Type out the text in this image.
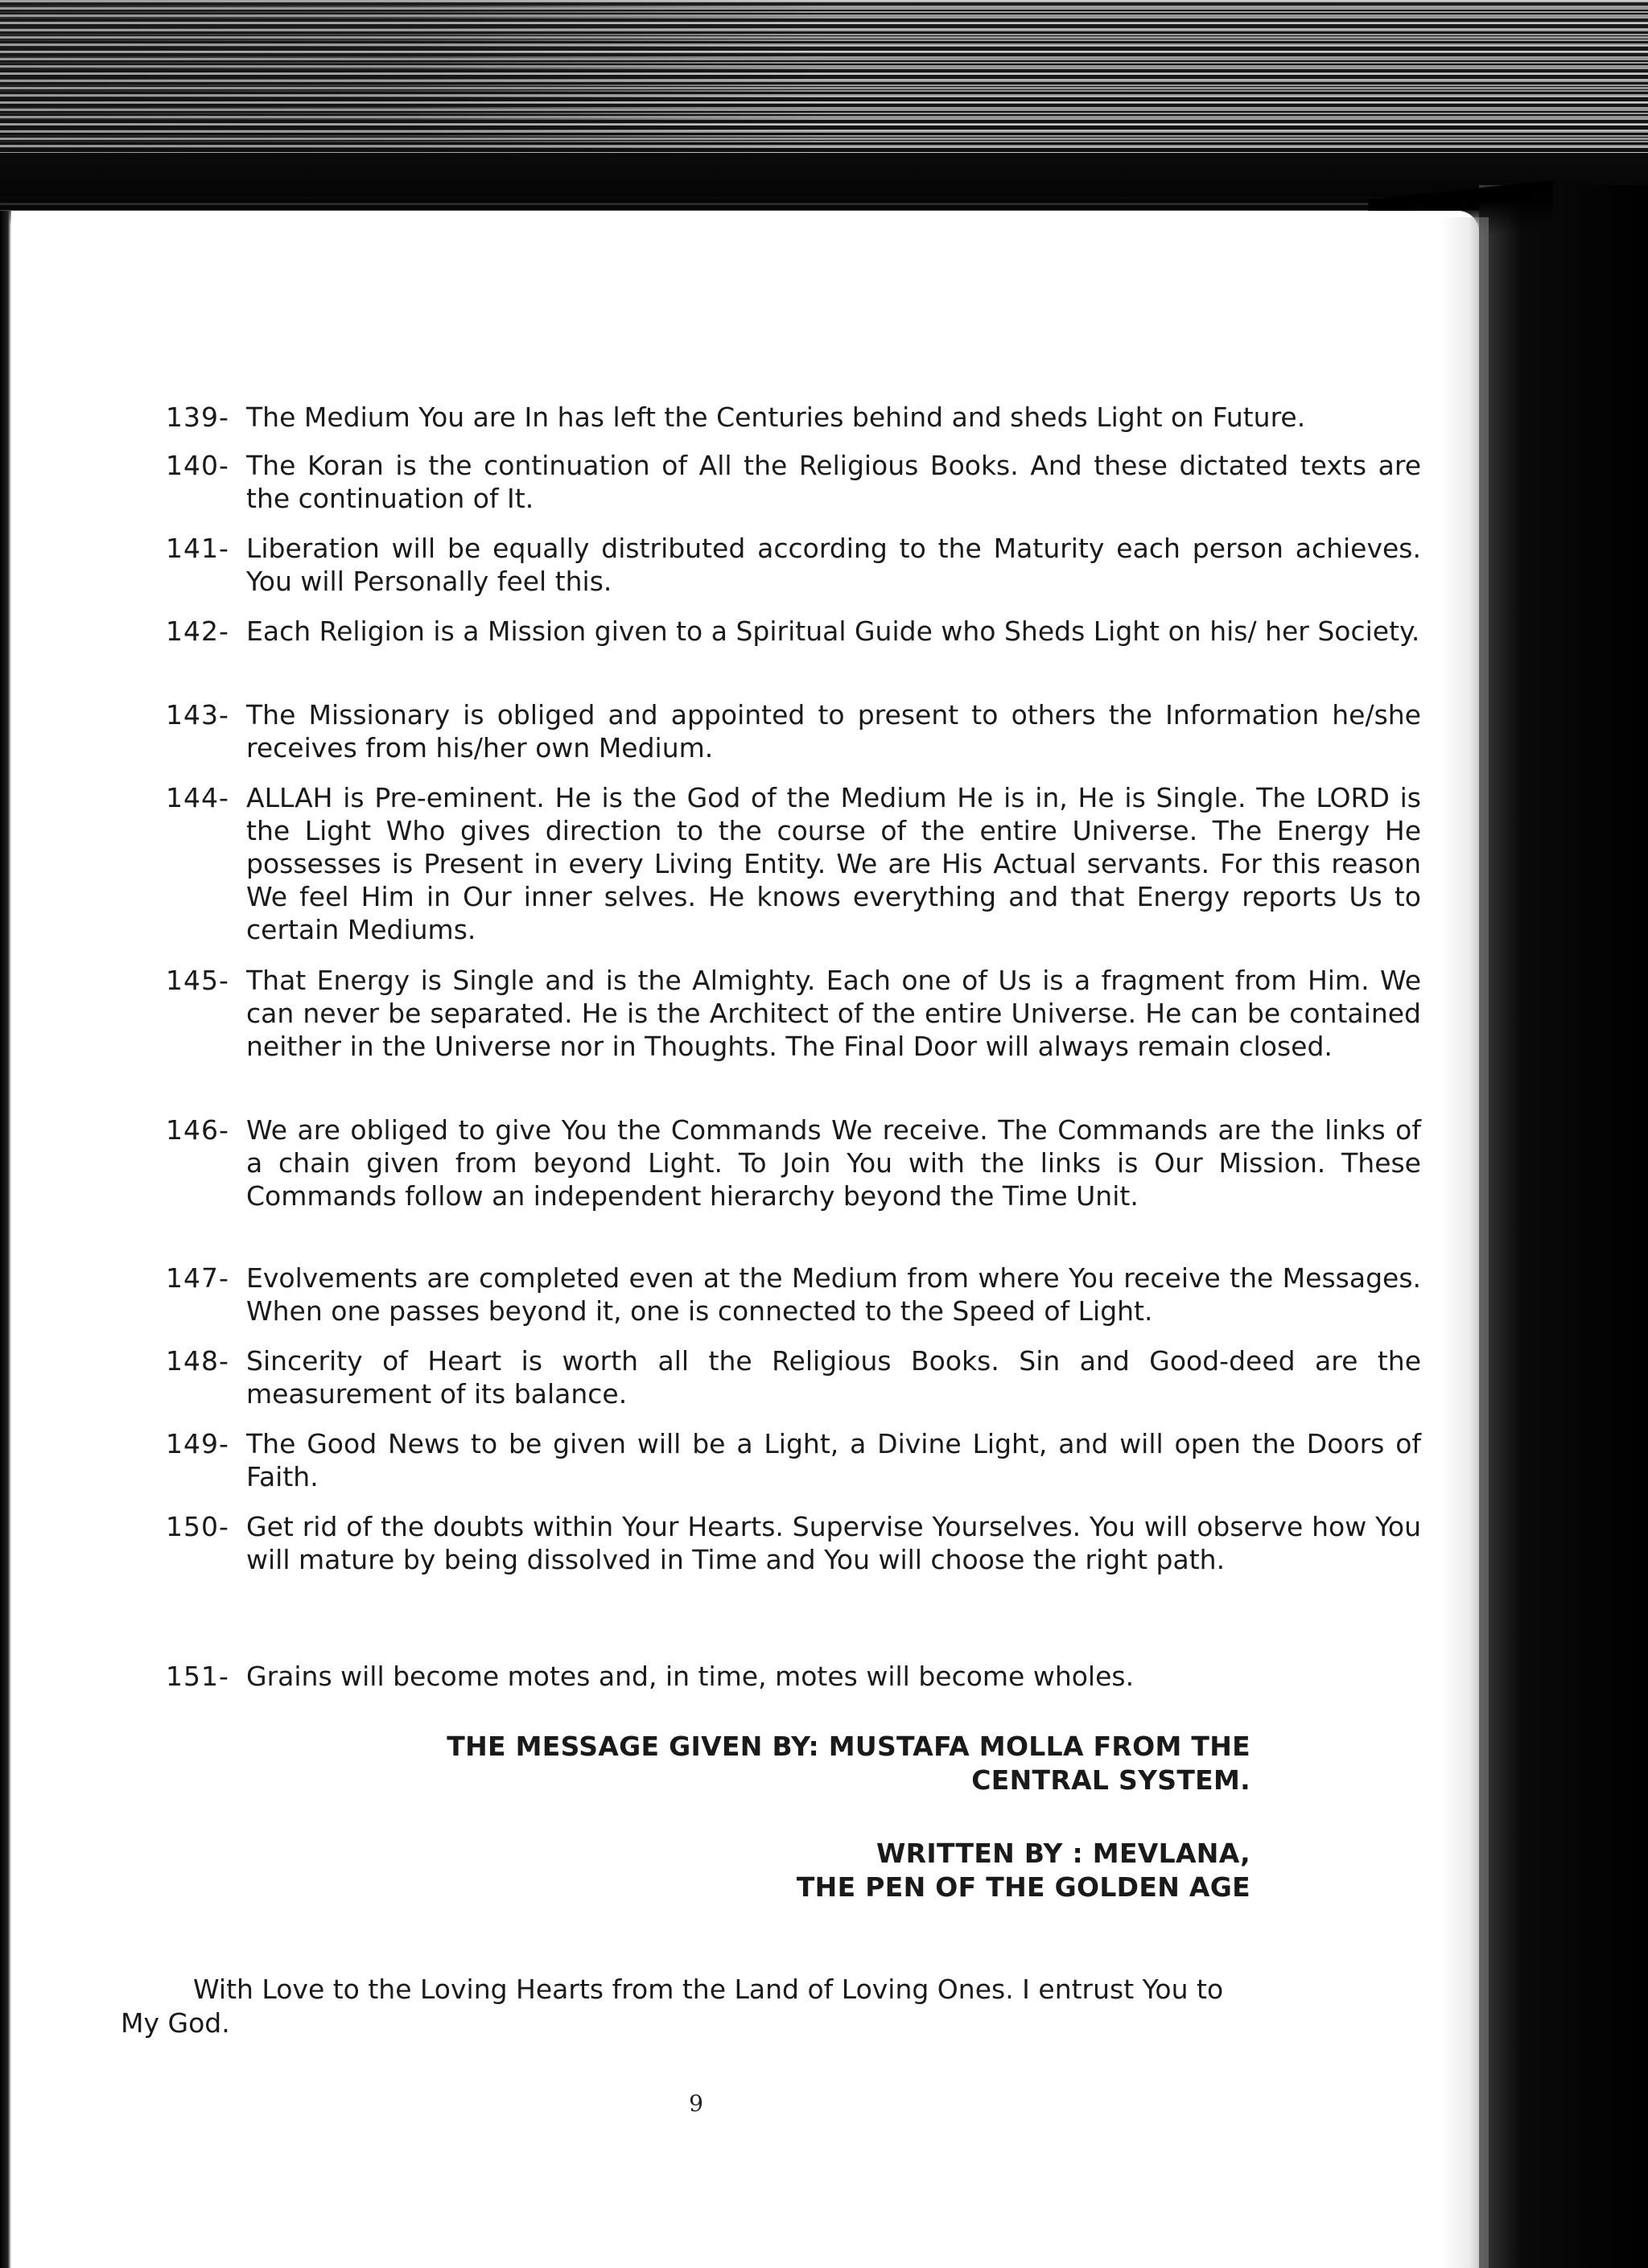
139- The Medium You are In has left the Centuries behind and sheds Light on Future.
140- The Koran is the continuation of All the Religious Books. And these dictated texts are the continuation of It.
141- Liberation will be equally distributed according to the Maturity each person achieves. You will Personally feel this.
142- Each Religion is a Mission given to a Spiritual Guide who Sheds Light on his/ her Society.
143- The Missionary is obliged and appointed to present to others the Information he/she receives from his/her own Medium.
144- ALLAH is Pre-eminent. He is the God of the Medium He is in, He is Single. The LORD is the Light Who gives direction to the course of the entire Universe. The Energy He possesses is Present in every Living Entity. We are His Actual servants. For this reason We feel Him in Our inner selves. He knows everything and that Energy reports Us to certain Mediums.
145- That Energy is Single and is the Almighty. Each one of Us is a fragment from Him. We can never be separated. He is the Architect of the entire Universe. He can be contained neither in the Universe nor in Thoughts. The Final Door will always remain closed.
146- We are obliged to give You the Commands We receive. The Commands are the links of a chain given from beyond Light. To Join You with the links is Our Mission. These Commands follow an independent hierarchy beyond the Time Unit.
147- Evolvements are completed even at the Medium from where You receive the Messages. When one passes beyond it, one is connected to the Speed of Light.
148- Sincerity of Heart is worth all the Religious Books. Sin and Good-deed are the measurement of its balance.
149- The Good News to be given will be a Light, a Divine Light, and will open the Doors of Faith.
150- Get rid of the doubts within Your Hearts. Supervise Yourselves. You will observe how You will mature by being dissolved in Time and You will choose the right path.
151- Grains will become motes and, in time, motes will become wholes.
THE MESSAGE GIVEN BY: MUSTAFA MOLLA FROM THE
CENTRAL SYSTEM.
WRITTEN BY : MEVLANA,
THE PEN OF THE GOLDEN AGE
With Love to the Loving Hearts from the Land of Loving Ones. I entrust You to My God.
9
